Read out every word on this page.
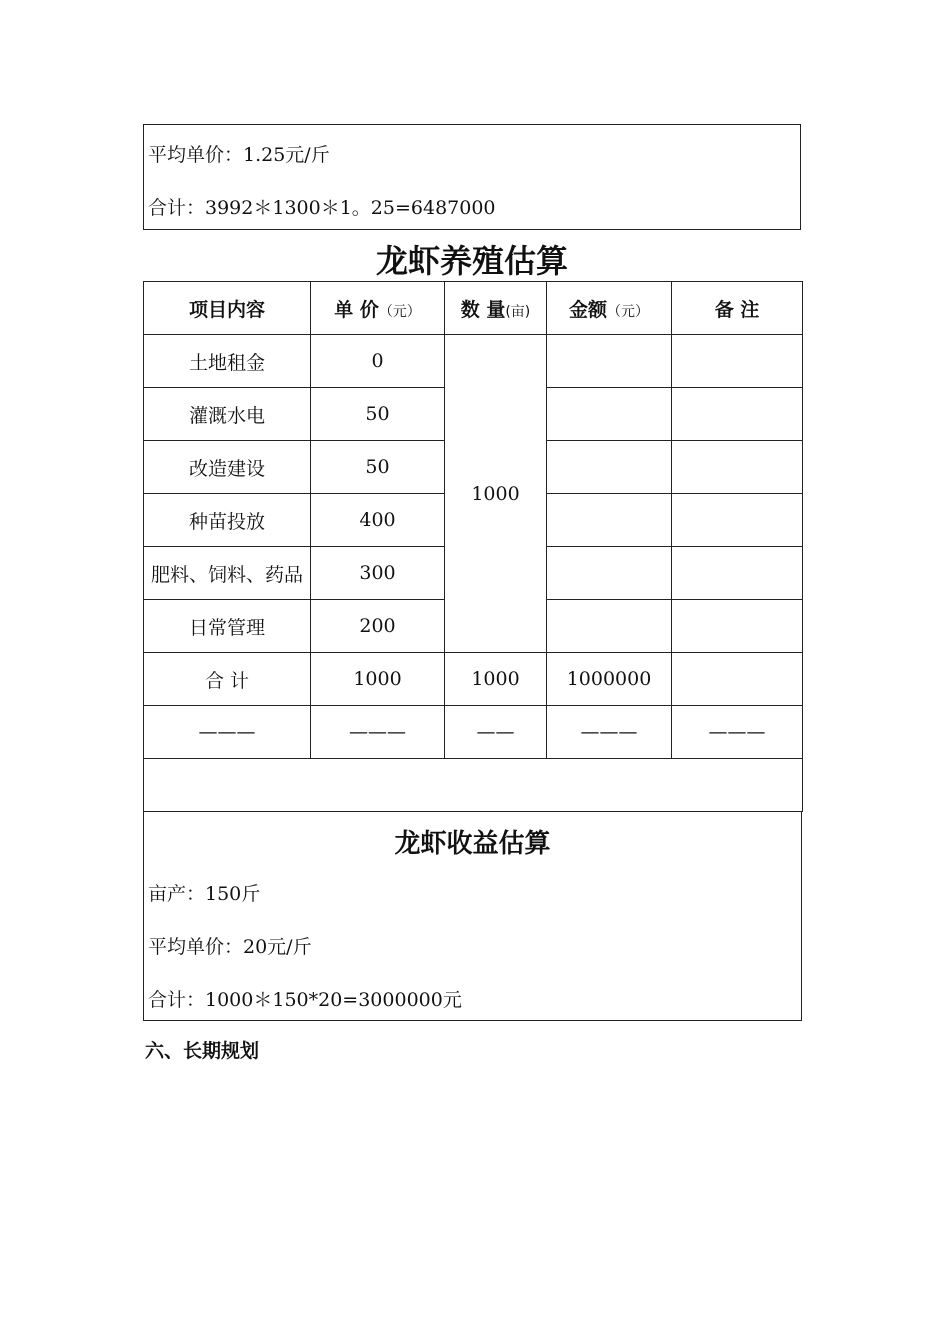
平均单价：1.25元/斤
合计：3992＊1300＊1。25=6487000
龙虾养殖估算
项目内容	单 价（元）	数 量(亩)	金额（元）	备 注
土地租金	0	1000		
灌溉水电	50			
改造建设	50			
种苗投放	400			
肥料、饲料、药品	300			
日常管理	200			
合 计	1000	1000	1000000	
———	———	——	———	———

龙虾收益估算
亩产：150斤
平均单价：20元/斤
合计：1000＊150*20=3000000元
六、长期规划
